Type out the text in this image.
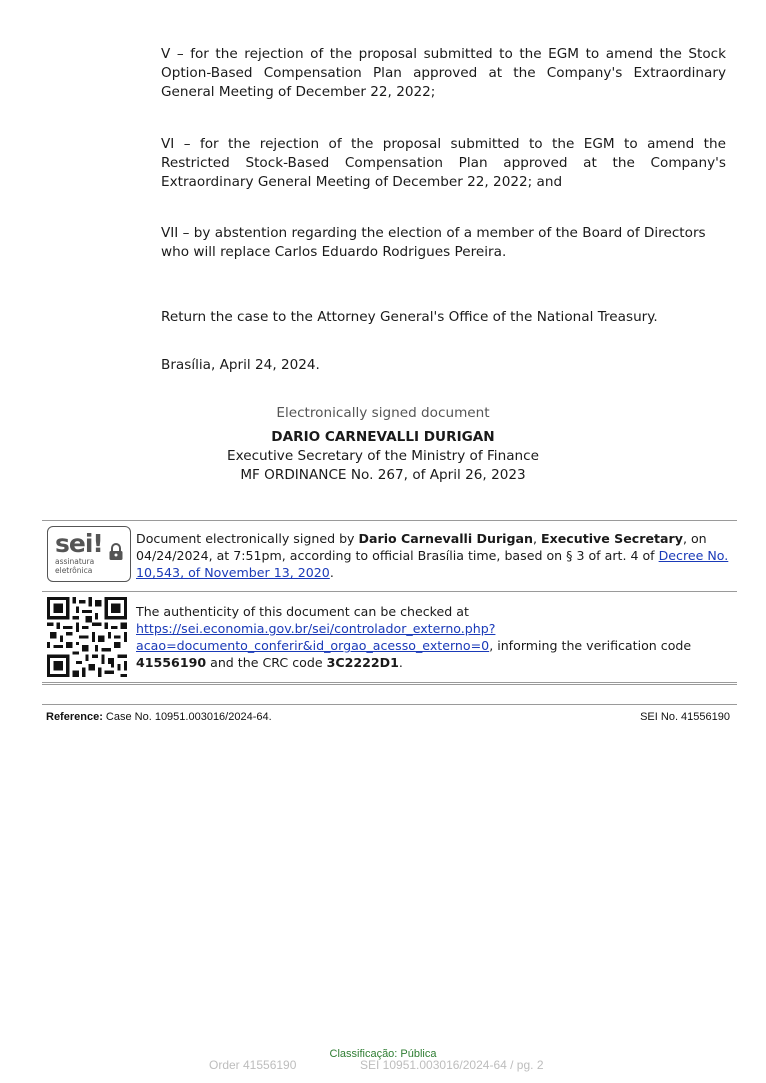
V – for the rejection of the proposal submitted to the EGM to amend the Stock Option-Based Compensation Plan approved at the Company's Extraordinary General Meeting of December 22, 2022;

VI – for the rejection of the proposal submitted to the EGM to amend the Restricted Stock-Based Compensation Plan approved at the Company's Extraordinary General Meeting of December 22, 2022; and

VII – by abstention regarding the election of a member of the Board of Directors who will replace Carlos Eduardo Rodrigues Pereira.

Return the case to the Attorney General's Office of the National Treasury.

Brasília, April 24, 2024.

Electronically signed document
DARIO CARNEVALLI DURIGAN
Executive Secretary of the Ministry of Finance
MF ORDINANCE No. 267, of April 26, 2023
sei!
assinatura
eletrônica

Document electronically signed by Dario Carnevalli Durigan, Executive Secretary, on 04/24/2024, at 7:51pm, according to official Brasília time, based on § 3 of art. 4 of Decree No. 10,543, of November 13, 2020.

The authenticity of this document can be checked at
https://sei.economia.gov.br/sei/controlador_externo.php?
acao=documento_conferir&id_orgao_acesso_externo=0, informing the verification code 41556190 and the CRC code 3C2222D1.

Reference: Case No. 10951.003016/2024-64.	SEI No. 41556190
Classificação: Pública
Order 41556190	SEI 10951.003016/2024-64 / pg. 2
